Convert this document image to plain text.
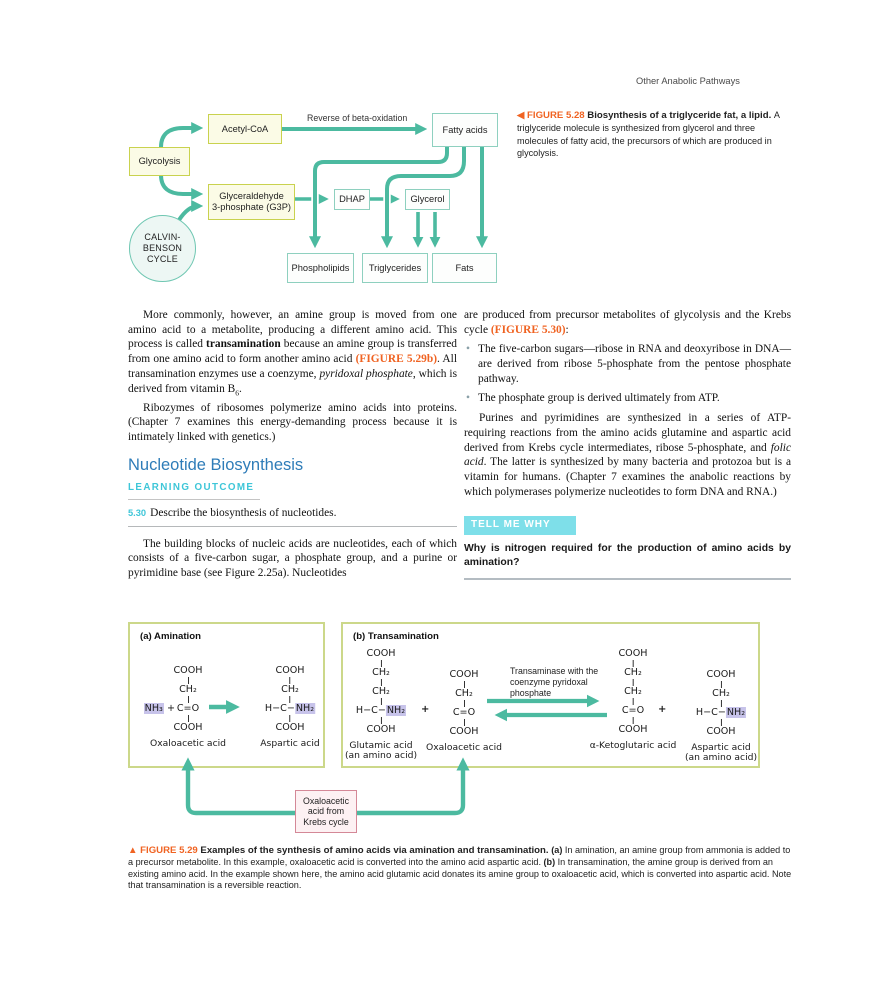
Other Anabolic Pathways
Reverse of beta-oxidation
Glycolysis
Acetyl-CoA
Glyceraldehyde
3-phosphate (G3P)
Fatty acids
DHAP	Glycerol
Phospholipids Triglycerides	Fats
CALVIN-
BENSON
CYCLE

◀ FIGURE 5.28 Biosynthesis of a triglyceride fat, a lipid. A triglyceride molecule is synthesized from glycerol and three molecules of fatty acid, the precursors of which are produced in glycolysis.

More commonly, however, an amine group is moved from one amino acid to a metabolite, producing a different amino acid. This process is called transamination because an amine group is transferred from one amino acid to form another amino acid (FIGURE 5.29b). All transamination enzymes use a coenzyme, pyridoxal phosphate, which is derived from vitamin $B_6$.

Ribozymes of ribosomes polymerize amino acids into proteins. (Chapter 7 examines this energy-demanding process because it is intimately linked with genetics.)

Nucleotide Biosynthesis
LEARNING OUTCOME

5.30 Describe the biosynthesis of nucleotides.

The building blocks of nucleic acids are nucleotides, each of which consists of a five-carbon sugar, a phosphate group, and a purine or pyrimidine base (see Figure 2.25a). Nucleotides

are produced from precursor metabolites of glycolysis and the Krebs cycle (FIGURE 5.30):

• The five-carbon sugars—ribose in RNA and deoxyribose in DNA—are derived from ribose 5-phosphate from the pentose phosphate pathway.
• The phosphate group is derived ultimately from ATP.

Purines and pyrimidines are synthesized in a series of ATP-requiring reactions from the amino acids glutamine and aspartic acid derived from Krebs cycle intermediates, ribose 5-phosphate, and folic acid. The latter is synthesized by many bacteria and protozoa but is a vitamin for humans. (Chapter 7 examines the anabolic reactions by which polymerases polymerize nucleotides to form DNA and RNA.)

TELL ME WHY

Why is nitrogen required for the production of amino acids by amination?

(a) Amination
COOH
CH₂
C=O
NH₃ +
COOH
Oxaloacetic acid
COOH
CH₂
H−C−NH₂
COOH
Aspartic acid
(b) Transamination
COOH
CH₂
CH₂
H−C−NH₂
COOH
Glutamic acid
(an amino acid)
+
COOH
CH₂
C=O
COOH
Oxaloacetic acid
Transaminase with the coenzyme pyridoxal phosphate
COOH
CH₂
CH₂
C=O
COOH
α-Ketoglutaric acid
+
COOH
CH₂
H−C−NH₂
COOH
Aspartic acid
(an amino acid)
Oxaloacetic acid from Krebs cycle

▲ FIGURE 5.29 Examples of the synthesis of amino acids via amination and transamination. (a) In amination, an amine group from ammonia is added to a precursor metabolite. In this example, oxaloacetic acid is converted into the amino acid aspartic acid. (b) In transamination, the amine group is derived from an existing amino acid. In the example shown here, the amino acid glutamic acid donates its amine group to oxaloacetic acid, which is converted into aspartic acid. Note that transamination is a reversible reaction.
